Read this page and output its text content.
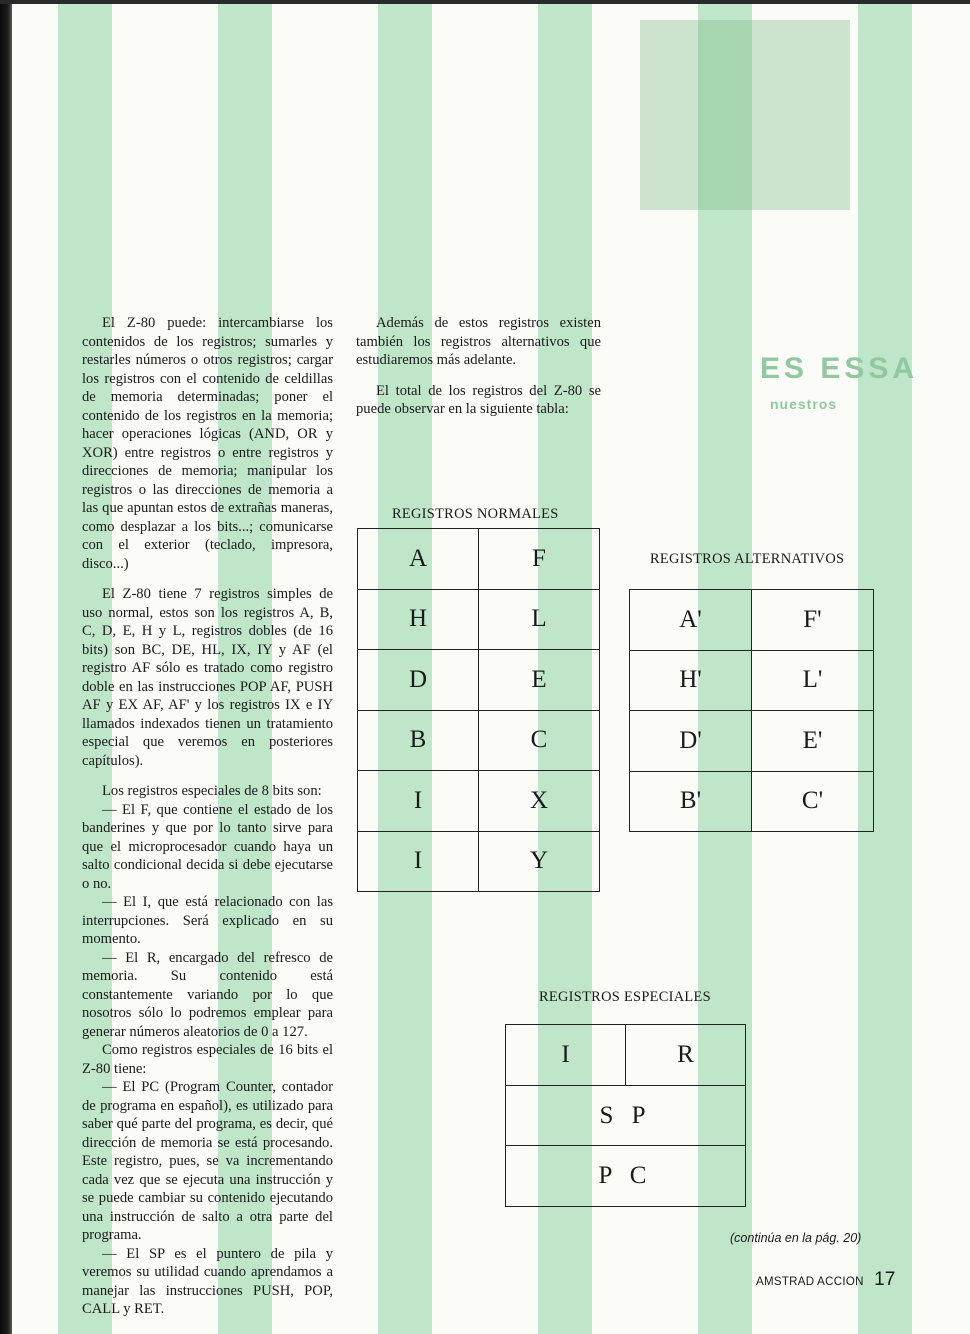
ES ESSA
nuestros

El Z-80 puede: intercambiarse los contenidos de los registros; sumarles y restarles números o otros registros; cargar los registros con el contenido de celdillas de memoria determinadas; poner el contenido de los registros en la memoria; hacer operaciones lógicas (AND, OR y XOR) entre registros o entre registros y direcciones de memoria; manipular los registros o las direcciones de memoria a las que apuntan estos de extrañas maneras, como desplazar a los bits...; comunicarse con el exterior (teclado, impresora, disco...)

El Z-80 tiene 7 registros simples de uso normal, estos son los registros A, B, C, D, E, H y L, registros dobles (de 16 bits) son BC, DE, HL, IX, IY y AF (el registro AF sólo es tratado como registro doble en las instrucciones POP AF, PUSH AF y EX AF, AF' y los registros IX e IY llamados indexados tienen un tratamiento especial que veremos en posteriores capítulos).

Los registros especiales de 8 bits son:

— El F, que contiene el estado de los banderines y que por lo tanto sirve para que el microprocesador cuando haya un salto condicional decida si debe ejecutarse o no.

— El I, que está relacionado con las interrupciones. Será explicado en su momento.

— El R, encargado del refresco de memoria. Su contenido está constantemente variando por lo que nosotros sólo lo podremos emplear para generar números aleatorios de 0 a 127.

Como registros especiales de 16 bits el Z-80 tiene:

— El PC (Program Counter, contador de programa en español), es utilizado para saber qué parte del programa, es decir, qué dirección de memoria se está procesando. Este registro, pues, se va incrementando cada vez que se ejecuta una instrucción y se puede cambiar su contenido ejecutando una instrucción de salto a otra parte del programa.

— El SP es el puntero de pila y veremos su utilidad cuando aprendamos a manejar las instrucciones PUSH, POP, CALL y RET.

Además de estos registros existen también los registros alternativos que estudiaremos más adelante.

El total de los registros del Z-80 se puede observar en la siguiente tabla:

REGISTROS NORMALES
A	F
H	L
D	E
B	C
I	X
I	Y
REGISTROS ALTERNATIVOS
A'	F'
H'	L'
D'	E'
B'	C'
REGISTROS ESPECIALES
I	R
S P
P C
(continúa en la pág. 20)
AMSTRAD ACCION 17
